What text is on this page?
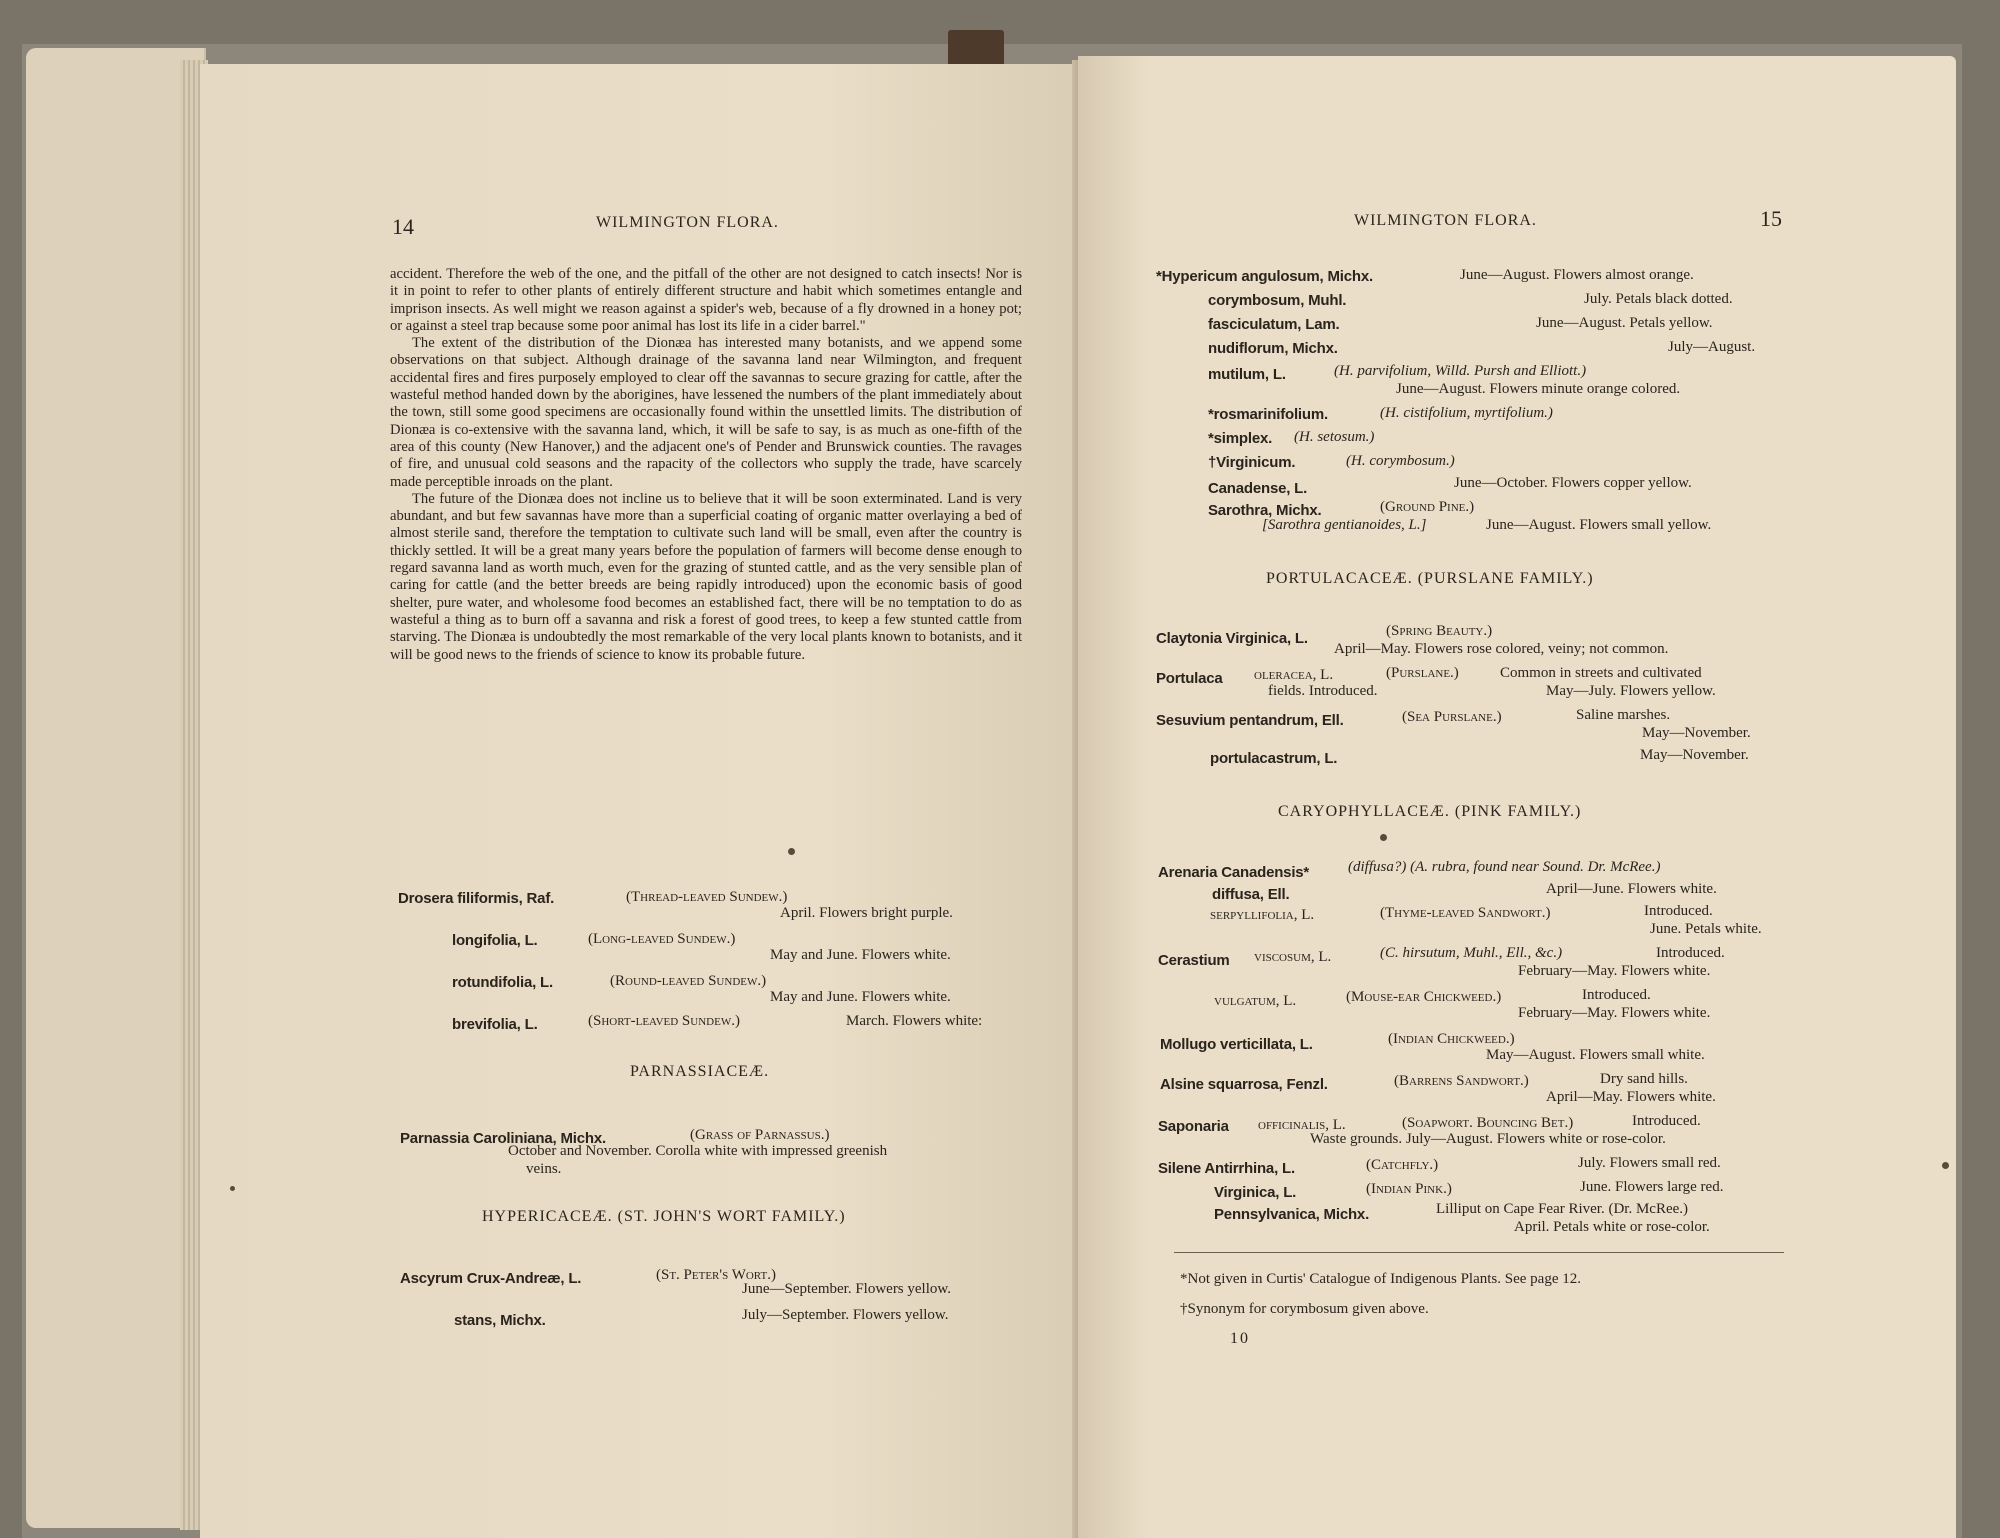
14	WILMINGTON FLORA.

accident. Therefore the web of the one, and the pitfall of the other are not designed to catch insects! Nor is it in point to refer to other plants of entirely different structure and habit which sometimes entangle and imprison insects. As well might we reason against a spider's web, because of a fly drowned in a honey pot; or against a steel trap because some poor animal has lost its life in a cider barrel."

The extent of the distribution of the Dionæa has interested many botanists, and we append some observations on that subject. Although drainage of the savanna land near Wilmington, and frequent accidental fires and fires purposely employed to clear off the savannas to secure grazing for cattle, after the wasteful method handed down by the aborigines, have lessened the numbers of the plant immediately about the town, still some good specimens are occasionally found within the unsettled limits. The distribution of Dionæa is co-extensive with the savanna land, which, it will be safe to say, is as much as one-fifth of the area of this county (New Hanover,) and the adjacent one's of Pender and Brunswick counties. The ravages of fire, and unusual cold seasons and the rapacity of the collectors who supply the trade, have scarcely made perceptible inroads on the plant.

The future of the Dionæa does not incline us to believe that it will be soon exterminated. Land is very abundant, and but few savannas have more than a superficial coating of organic matter overlaying a bed of almost sterile sand, therefore the temptation to cultivate such land will be small, even after the country is thickly settled. It will be a great many years before the population of farmers will become dense enough to regard savanna land as worth much, even for the grazing of stunted cattle, and as the very sensible plan of caring for cattle (and the better breeds are being rapidly introduced) upon the economic basis of good shelter, pure water, and wholesome food becomes an established fact, there will be no temptation to do as wasteful a thing as to burn off a savanna and risk a forest of good trees, to keep a few stunted cattle from starving. The Dionæa is undoubtedly the most remarkable of the very local plants known to botanists, and it will be good news to the friends of science to know its probable future.

Drosera filiformis, Raf.	(Thread-leaved Sundew.)
April. Flowers bright purple.
longifolia, L.	(Long-leaved Sundew.)
May and June. Flowers white.
rotundifolia, L.	(Round-leaved Sundew.)
May and June. Flowers white.
brevifolia, L.	(Short-leaved Sundew.)	March. Flowers white:
PARNASSIACEÆ.
Parnassia Caroliniana, Michx.	(Grass of Parnassus.)
October and November. Corolla white with impressed greenish
veins.
HYPERICACEÆ. (ST. JOHN'S WORT FAMILY.)
Ascyrum Crux-Andreæ, L.	(St. Peter's Wort.)
June—September. Flowers yellow.
stans, Michx.	July—September. Flowers yellow.
WILMINGTON FLORA.	15
*Hypericum angulosum, Michx.	June—August. Flowers almost orange.
corymbosum, Muhl.	July. Petals black dotted.
fasciculatum, Lam.	June—August. Petals yellow.
nudiflorum, Michx.	July—August.
mutilum, L.	(H. parvifolium, Willd. Pursh and Elliott.)
June—August. Flowers minute orange colored.
*rosmarinifolium.	(H. cistifolium, myrtifolium.)
*simplex. (H. setosum.)
†Virginicum.	(H. corymbosum.)
Canadense, L.	June—October. Flowers copper yellow.
Sarothra, Michx.	(Ground Pine.)
[Sarothra gentianoides, L.]	June—August. Flowers small yellow.
PORTULACACEÆ. (PURSLANE FAMILY.)
Claytonia Virginica, L.	(Spring Beauty.)
April—May. Flowers rose colored, veiny; not common.
Portulaca oleracea, L.	(Purslane.)	Common in streets and cultivated
fields. Introduced.	May—July. Flowers yellow.
Sesuvium pentandrum, Ell.	(Sea Purslane.)	Saline marshes.
May—November.
portulacastrum, L.	May—November.
CARYOPHYLLACEÆ. (PINK FAMILY.)
Arenaria Canadensis*	(diffusa?) (A. rubra, found near Sound. Dr. McRee.)
diffusa, Ell.	April—June. Flowers white.
serpyllifolia, L.	(Thyme-leaved Sandwort.)	Introduced.
June. Petals white.
Cerastium viscosum, L.	(C. hirsutum, Muhl., Ell., &c.)	Introduced.
February—May. Flowers white.
vulgatum, L.	(Mouse-ear Chickweed.)	Introduced.
February—May. Flowers white.
Mollugo verticillata, L.	(Indian Chickweed.)
May—August. Flowers small white.
Alsine squarrosa, Fenzl.	(Barrens Sandwort.)	Dry sand hills.
April—May. Flowers white.
Saponaria officinalis, L.	(Soapwort. Bouncing Bet.)	Introduced.
Waste grounds. July—August. Flowers white or rose-color.
Silene Antirrhina, L.	(Catchfly.)	July. Flowers small red.
Virginica, L.	(Indian Pink.)	June. Flowers large red.
Pennsylvanica, Michx.	Lilliput on Cape Fear River. (Dr. McRee.)
April. Petals white or rose-color.
*Not given in Curtis' Catalogue of Indigenous Plants. See page 12.
†Synonym for corymbosum given above.
10
